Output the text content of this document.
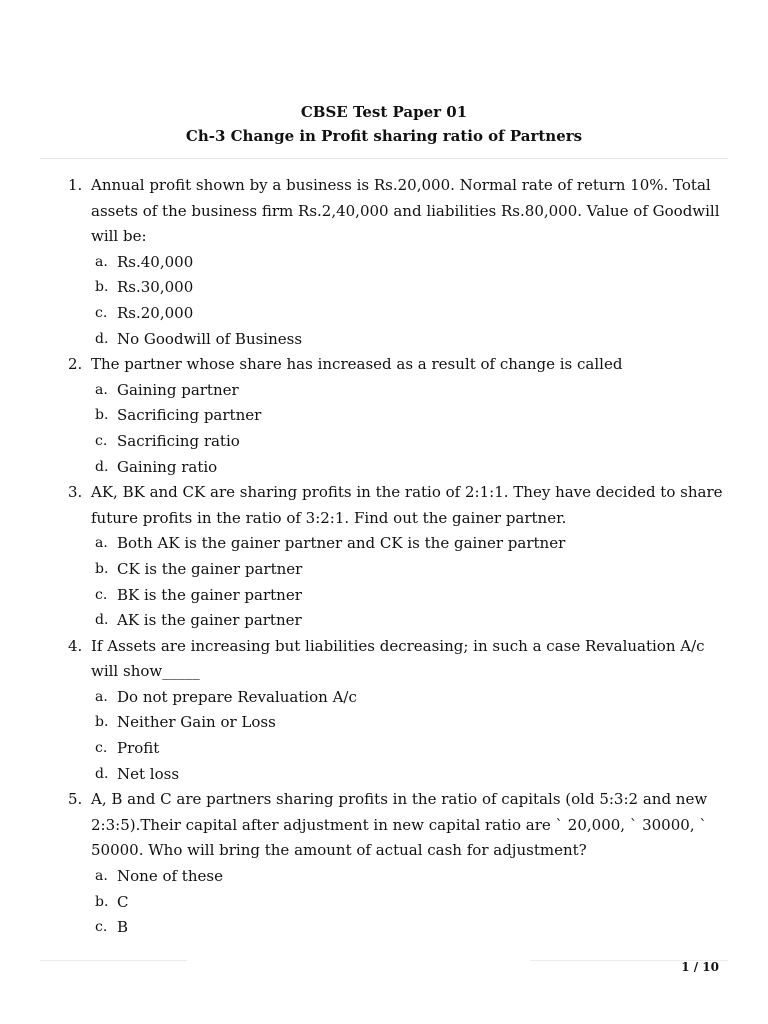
CBSE Test Paper 01
Ch-3 Change in Profit sharing ratio of Partners
1. Annual profit shown by a business is Rs.20,000. Normal rate of return 10%. Total assets of the business firm Rs.2,40,000 and liabilities Rs.80,000. Value of Goodwill will be:
a. Rs.40,000
b. Rs.30,000
c. Rs.20,000
d. No Goodwill of Business
2. The partner whose share has increased as a result of change is called
a. Gaining partner
b. Sacrificing partner
c. Sacrificing ratio
d. Gaining ratio
3. AK, BK and CK are sharing profits in the ratio of 2:1:1. They have decided to share future profits in the ratio of 3:2:1. Find out the gainer partner.
a. Both AK is the gainer partner and CK is the gainer partner
b. CK is the gainer partner
c. BK is the gainer partner
d. AK is the gainer partner
4. If Assets are increasing but liabilities decreasing; in such a case Revaluation A/c will show_____
a. Do not prepare Revaluation A/c
b. Neither Gain or Loss
c. Profit
d. Net loss
5. A, B and C are partners sharing profits in the ratio of capitals (old 5:3:2 and new 2:3:5).Their capital after adjustment in new capital ratio are ` 20,000, ` 30000, ` 50000. Who will bring the amount of actual cash for adjustment?
a. None of these
b. C
c. B
1 / 10
